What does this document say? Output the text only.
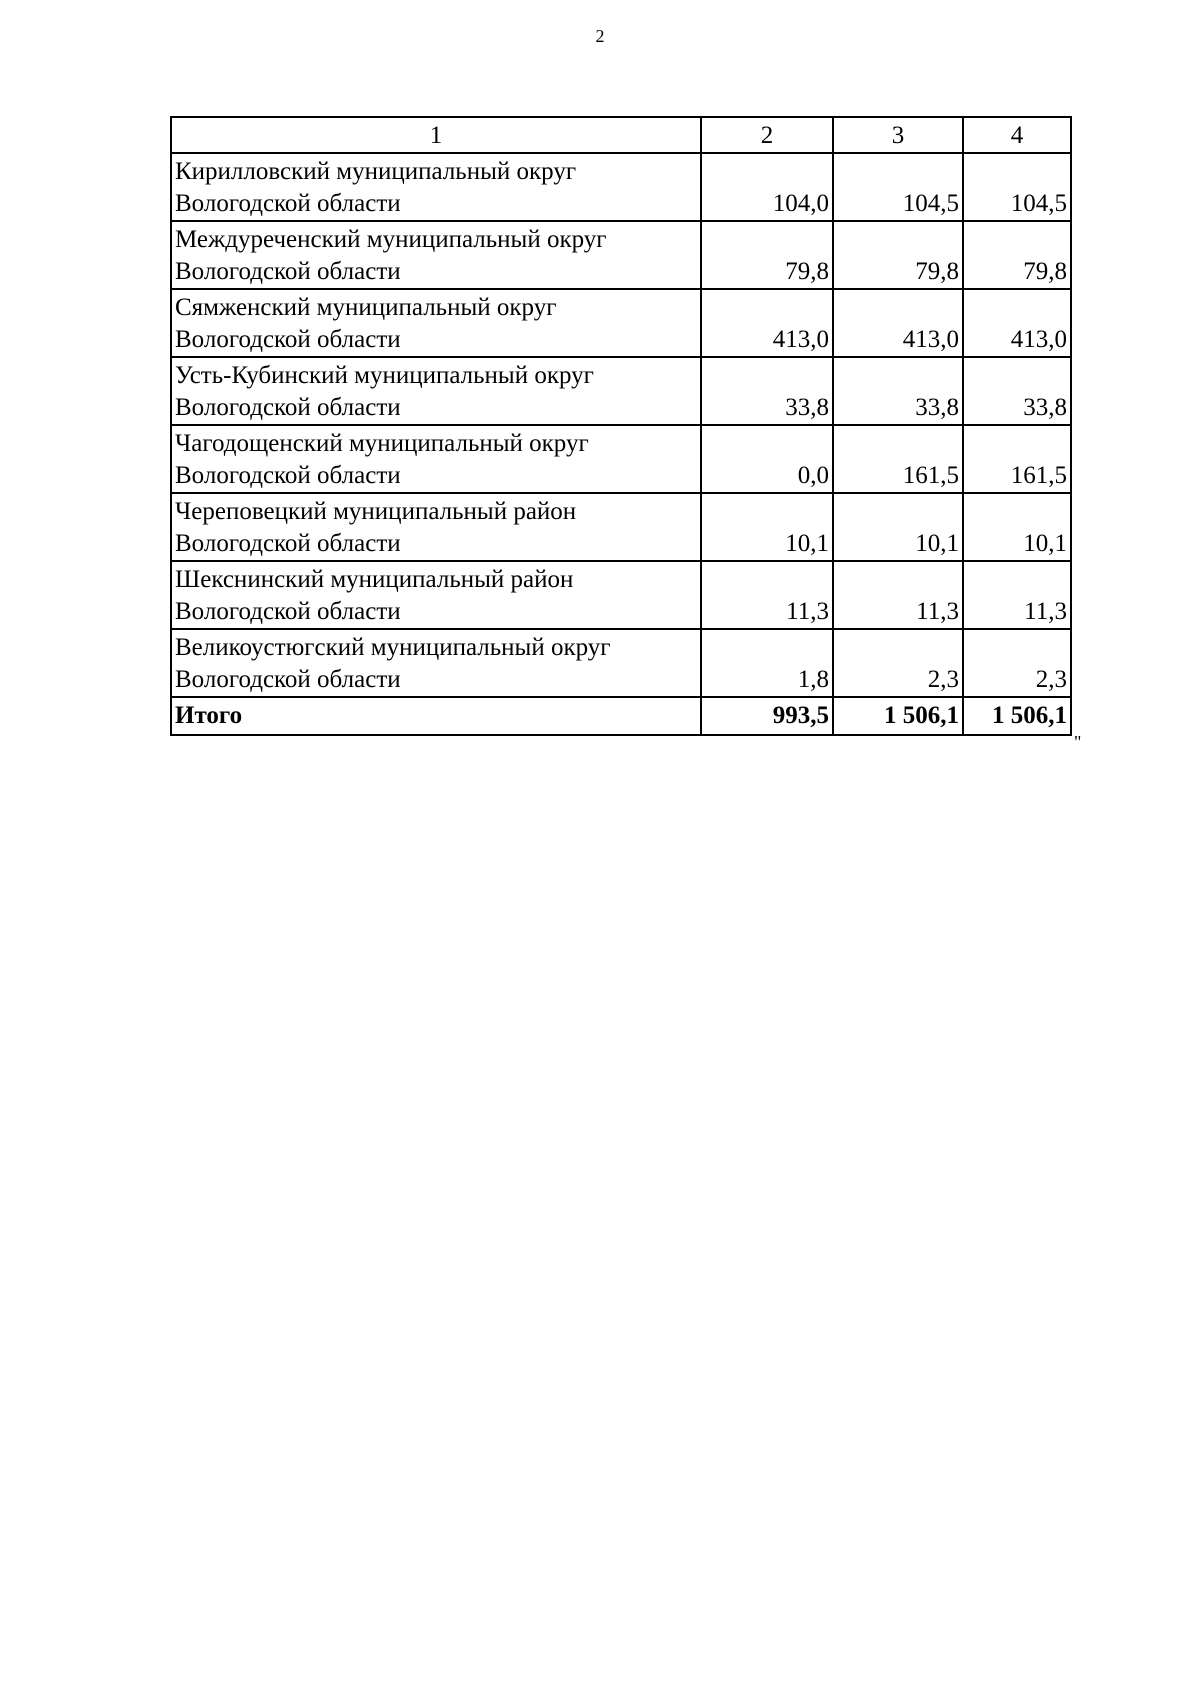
2
1	2	3	4

Кирилловский муниципальный округ
Вологодской области	104,0	104,5	104,5

Междуреченский муниципальный округ
Вологодской области	79,8	79,8	79,8

Сямженский муниципальный округ
Вологодской области	413,0	413,0	413,0

Усть-Кубинский муниципальный округ
Вологодской области	33,8	33,8	33,8

Чагодощенский муниципальный округ
Вологодской области	0,0	161,5	161,5

Череповецкий муниципальный район
Вологодской области	10,1	10,1	10,1

Шекснинский муниципальный район
Вологодской области	11,3	11,3	11,3

Великоустюгский муниципальный округ
Вологодской области	1,8	2,3	2,3
Итого	993,5	1 506,1	1 506,1
"
